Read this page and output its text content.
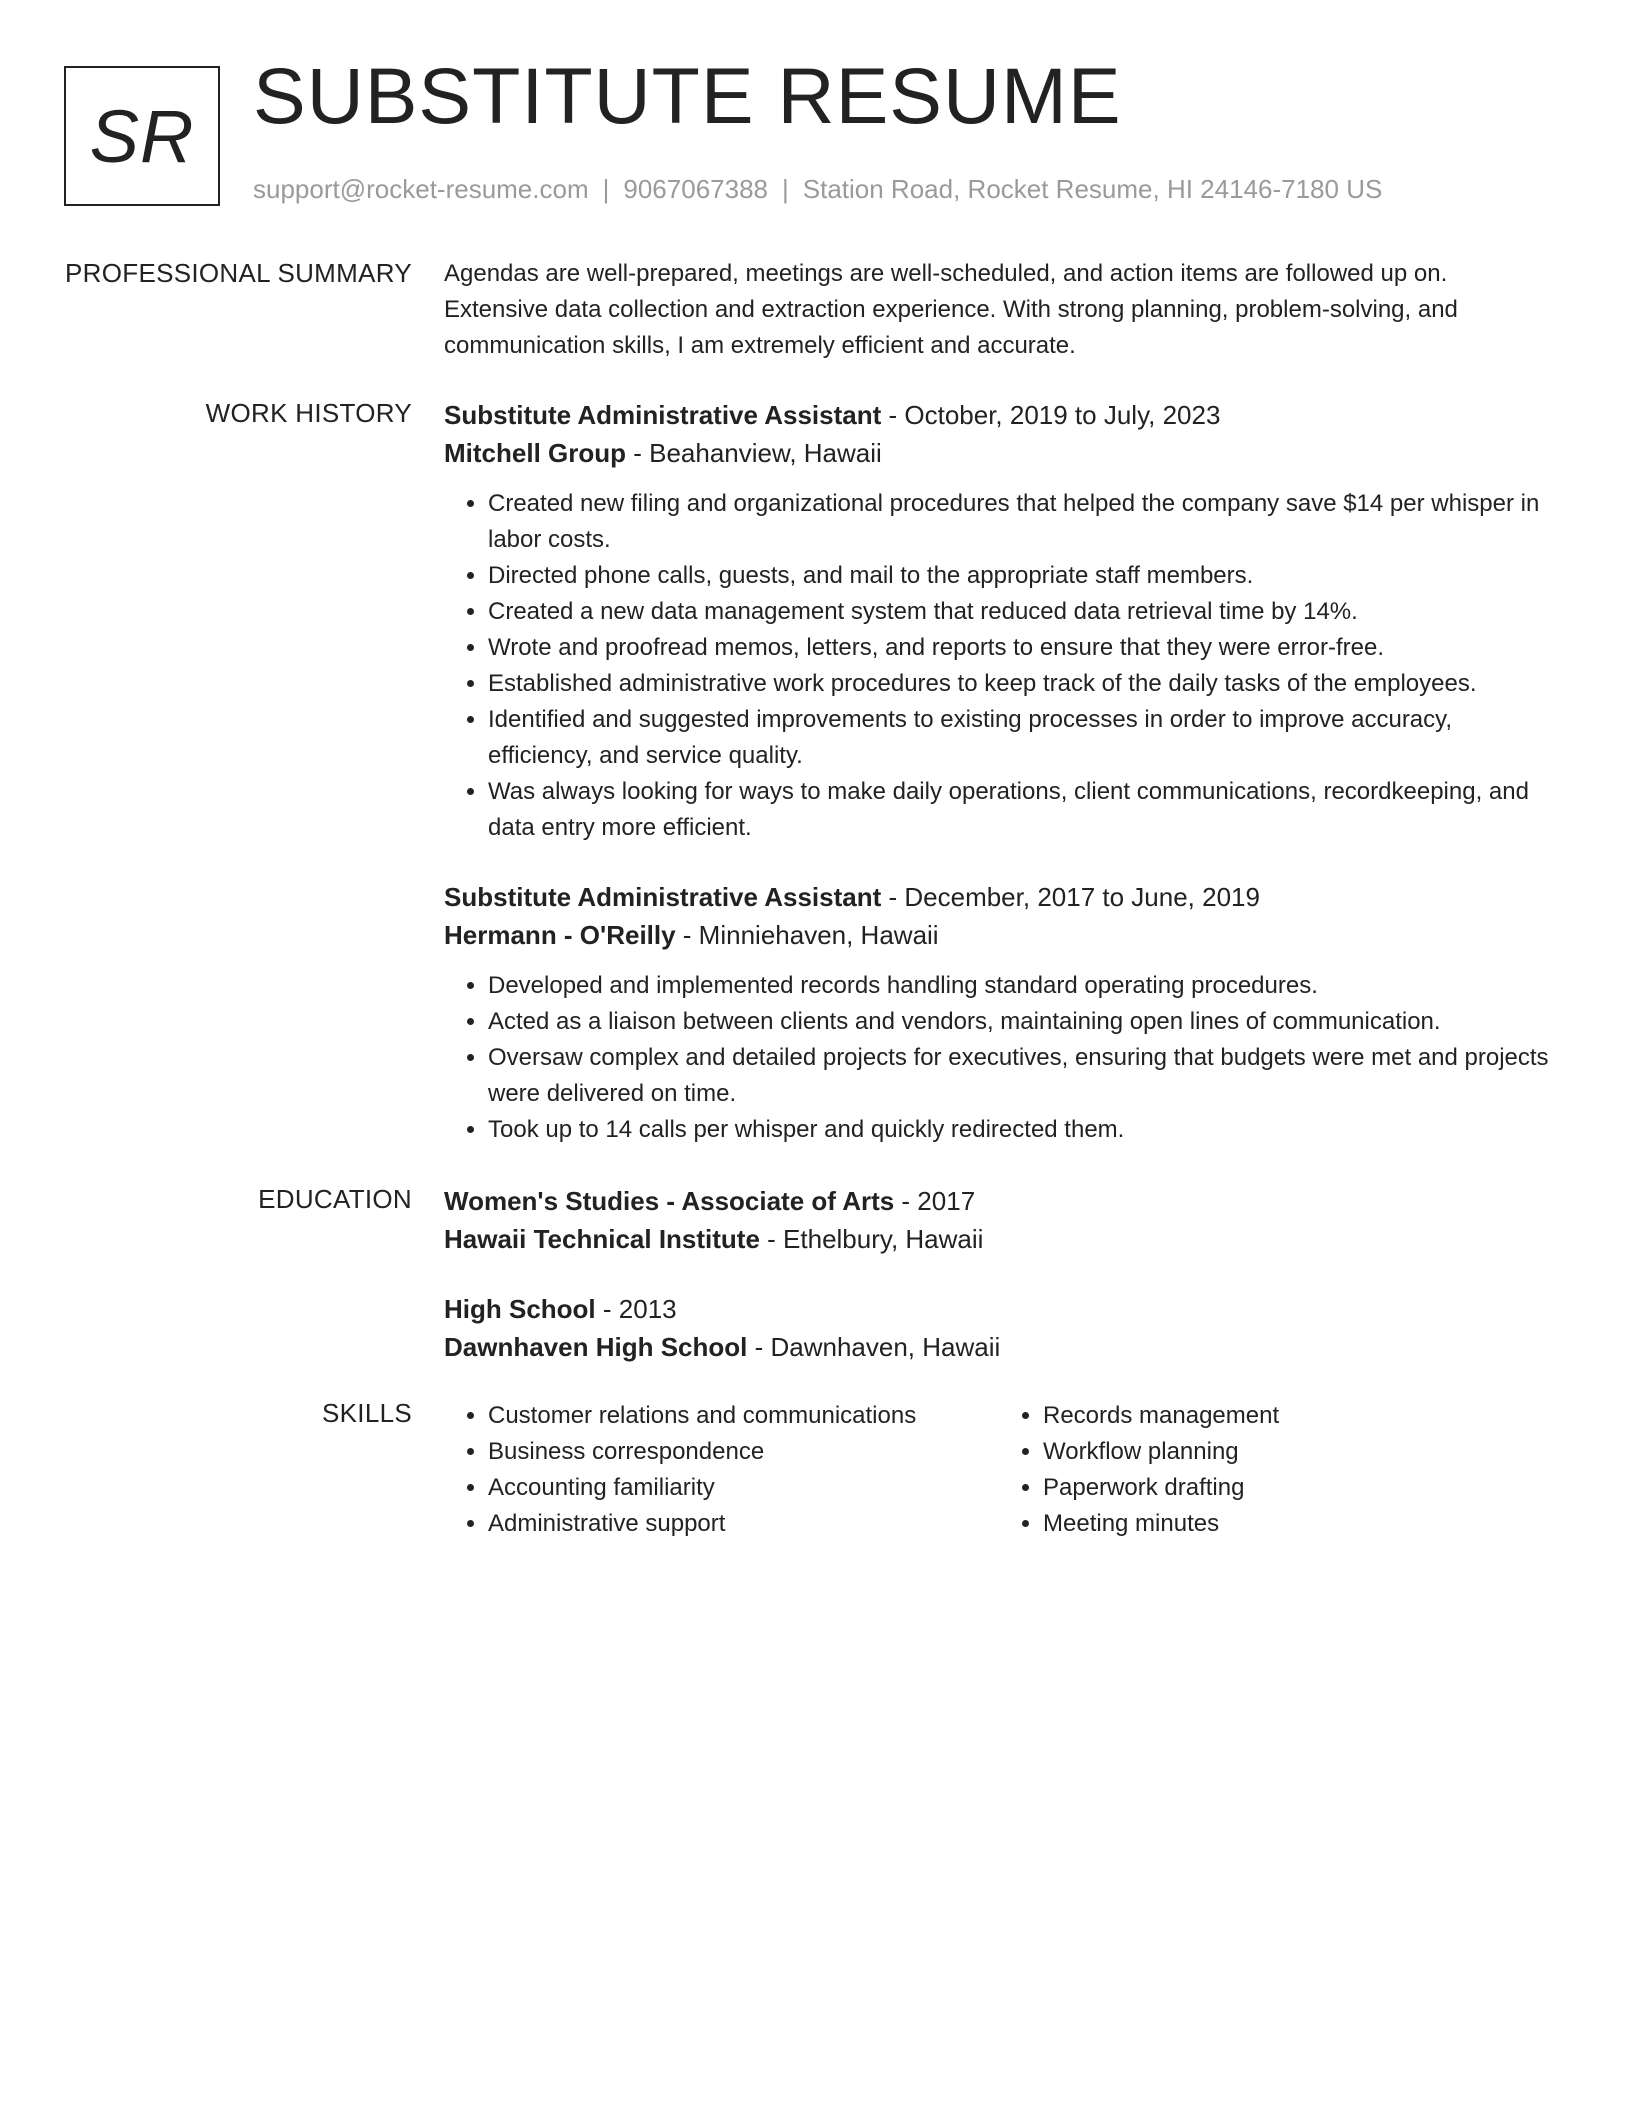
SR SUBSTITUTE RESUME
support@rocket-resume.com | 9067067388 | Station Road, Rocket Resume, HI 24146-7180 US
PROFESSIONAL SUMMARY Agendas are well-prepared, meetings are well-scheduled, and action items are followed up on. Extensive data collection and extraction experience. With strong planning, problem-solving, and communication skills, I am extremely efficient and accurate.
WORK HISTORY Substitute Administrative Assistant - October, 2019 to July, 2023
Mitchell Group - Beahanview, Hawaii
• Created new filing and organizational procedures that helped the company save $14 per whisper in labor costs.
• Directed phone calls, guests, and mail to the appropriate staff members.
• Created a new data management system that reduced data retrieval time by 14%.
• Wrote and proofread memos, letters, and reports to ensure that they were error-free.
• Established administrative work procedures to keep track of the daily tasks of the employees.
• Identified and suggested improvements to existing processes in order to improve accuracy, efficiency, and service quality.
• Was always looking for ways to make daily operations, client communications, recordkeeping, and data entry more efficient.
Substitute Administrative Assistant - December, 2017 to June, 2019
Hermann - O'Reilly - Minniehaven, Hawaii
• Developed and implemented records handling standard operating procedures.
• Acted as a liaison between clients and vendors, maintaining open lines of communication.
• Oversaw complex and detailed projects for executives, ensuring that budgets were met and projects were delivered on time.
• Took up to 14 calls per whisper and quickly redirected them.
EDUCATION Women's Studies - Associate of Arts - 2017
Hawaii Technical Institute - Ethelbury, Hawaii
High School - 2013
Dawnhaven High School - Dawnhaven, Hawaii
SKILLS
•	Customer relations and communications
• Business correspondence
• Accounting familiarity
• Administrative support
• Records management
• Workflow planning
• Paperwork drafting
• Meeting minutes
